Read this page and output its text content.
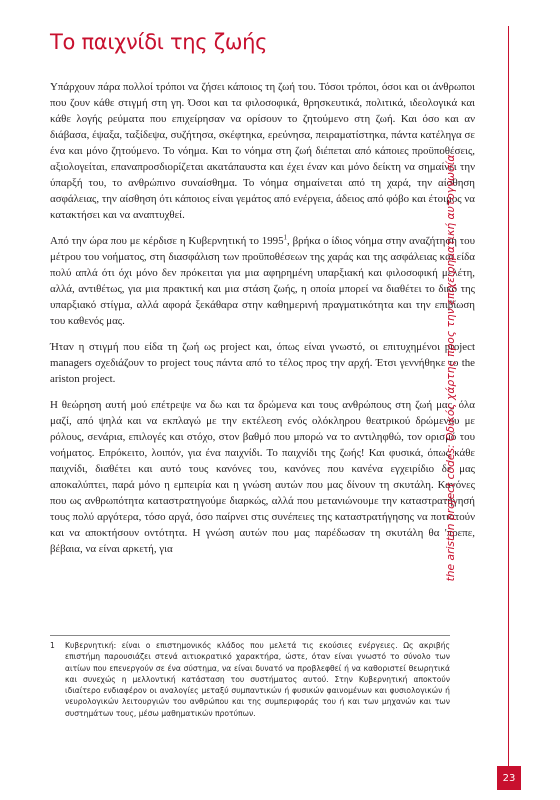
Το παιχνίδι της ζωής

Υπάρχουν πάρα πολλοί τρόποι να ζήσει κάποιος τη ζωή του. Τόσοι τρόποι, όσοι και οι άνθρωποι που ζουν κάθε στιγμή στη γη. Όσοι και τα φιλοσοφικά, θρησκευτικά, πολιτικά, ιδεολογικά και κάθε λογής ρεύματα που επιχείρησαν να ορίσουν το ζητούμενο στη ζωή. Και όσο και αν διάβασα, έψαξα, ταξίδεψα, συζήτησα, σκέφτηκα, ερεύνησα, πειραματίστηκα, πάντα κατέληγα σε ένα και μόνο ζητούμενο. Το νόημα. Και το νόημα στη ζωή διέπεται από κάποιες προϋποθέσεις, αξιολογείται, επαναπροσδιορίζεται ακατάπαυστα και έχει έναν και μόνο δείκτη να σημαίνει την ύπαρξή του, το ανθρώπινο συναίσθημα. Το νόημα σημαίνεται από τη χαρά, την αίσθηση ασφάλειας, την αίσθηση ότι κάποιος είναι γεμάτος από ενέργεια, άδειος από φόβο και έτοιμος να κατακτήσει και να αναπτυχθεί.

Από την ώρα που με κέρδισε η Κυβερνητική το 1995$^1$, βρήκα ο ίδιος νόημα στην αναζήτηση του μέτρου του νοήματος, στη διασφάλιση των προϋποθέσεων της χαράς και της ασφάλειας και είδα πολύ απλά ότι όχι μόνο δεν πρόκειται για μια αφηρημένη υπαρξιακή και φιλοσοφική μελέτη, αλλά, αντιθέτως, για μια πρακτική και μια στάση ζωής, η οποία μπορεί να διαθέτει το δικό της υπαρξιακό στίγμα, αλλά αφορά ξεκάθαρα στην καθημερινή πραγματικότητα και την επιβίωση του καθενός μας.

Ήταν η στιγμή που είδα τη ζωή ως project και, όπως είναι γνωστό, οι επιτυχημένοι project managers σχεδιάζουν το project τους πάντα από το τέλος προς την αρχή. Έτσι γεννήθηκε το the ariston project.

Η θεώρηση αυτή μού επέτρεψε να δω και τα δρώμενα και τους ανθρώπους στη ζωή μας, όλα μαζί, από ψηλά και να εκπλαγώ με την εκτέλεση ενός ολόκληρου θεατρικού δρώμενου με ρόλους, σενάρια, επιλογές και στόχο, στον βαθμό που μπορώ να το αντιληφθώ, τον ορισμό του νοήματος. Επρόκειτο, λοιπόν, για ένα παιχνίδι. Το παιχνίδι της ζωής! Και φυσικά, όπως κάθε παιχνίδι, διαθέτει και αυτό τους κανόνες του, κανόνες που κανένα εγχειρίδιο δε μας αποκαλύπτει, παρά μόνο η εμπειρία και η γνώση αυτών που μας δίνουν τη σκυτάλη. Κανόνες που ως ανθρωπότητα καταστρατηγούμε διαρκώς, αλλά που μετανιώνουμε την καταστρατήγησή τους πολύ αργότερα, τόσο αργά, όσο παίρνει στις συνέπειες της καταστρατήγησης να ποτιστούν και να αποκτήσουν οντότητα. Η γνώση αυτών που μας παρέδωσαν τη σκυτάλη θα 'πρεπε, βέβαια, να είναι αρκετή, για	the ariston project codes: Οδικός χάρτης προς την επιχειρηματική αυτογνωσία
1 Κυβερνητική: είναι ο επιστημονικός κλάδος που μελετά τις εκούσιες ενέργειες. Ως ακριβής επιστήμη παρουσιάζει στενά αιτιοκρατικό χαρακτήρα, ώστε, όταν είναι γνωστό το σύνολο των αιτίων που επενεργούν σε ένα σύστημα, να είναι δυνατό να προβλεφθεί ή να καθοριστεί θεωρητικά και συνεχώς η μελλοντική κατάσταση του συστήματος αυτού. Στην Κυβερνητική αποκτούν ιδιαίτερο ενδιαφέρον οι αναλογίες μεταξύ συμπαντικών ή φυσικών φαινομένων και φυσιολογικών ή νευρολογικών λειτουργιών του ανθρώπου και της συμπεριφοράς του ή και των μηχανών και των συστημάτων τους, μέσω μαθηματικών προτύπων.
23
